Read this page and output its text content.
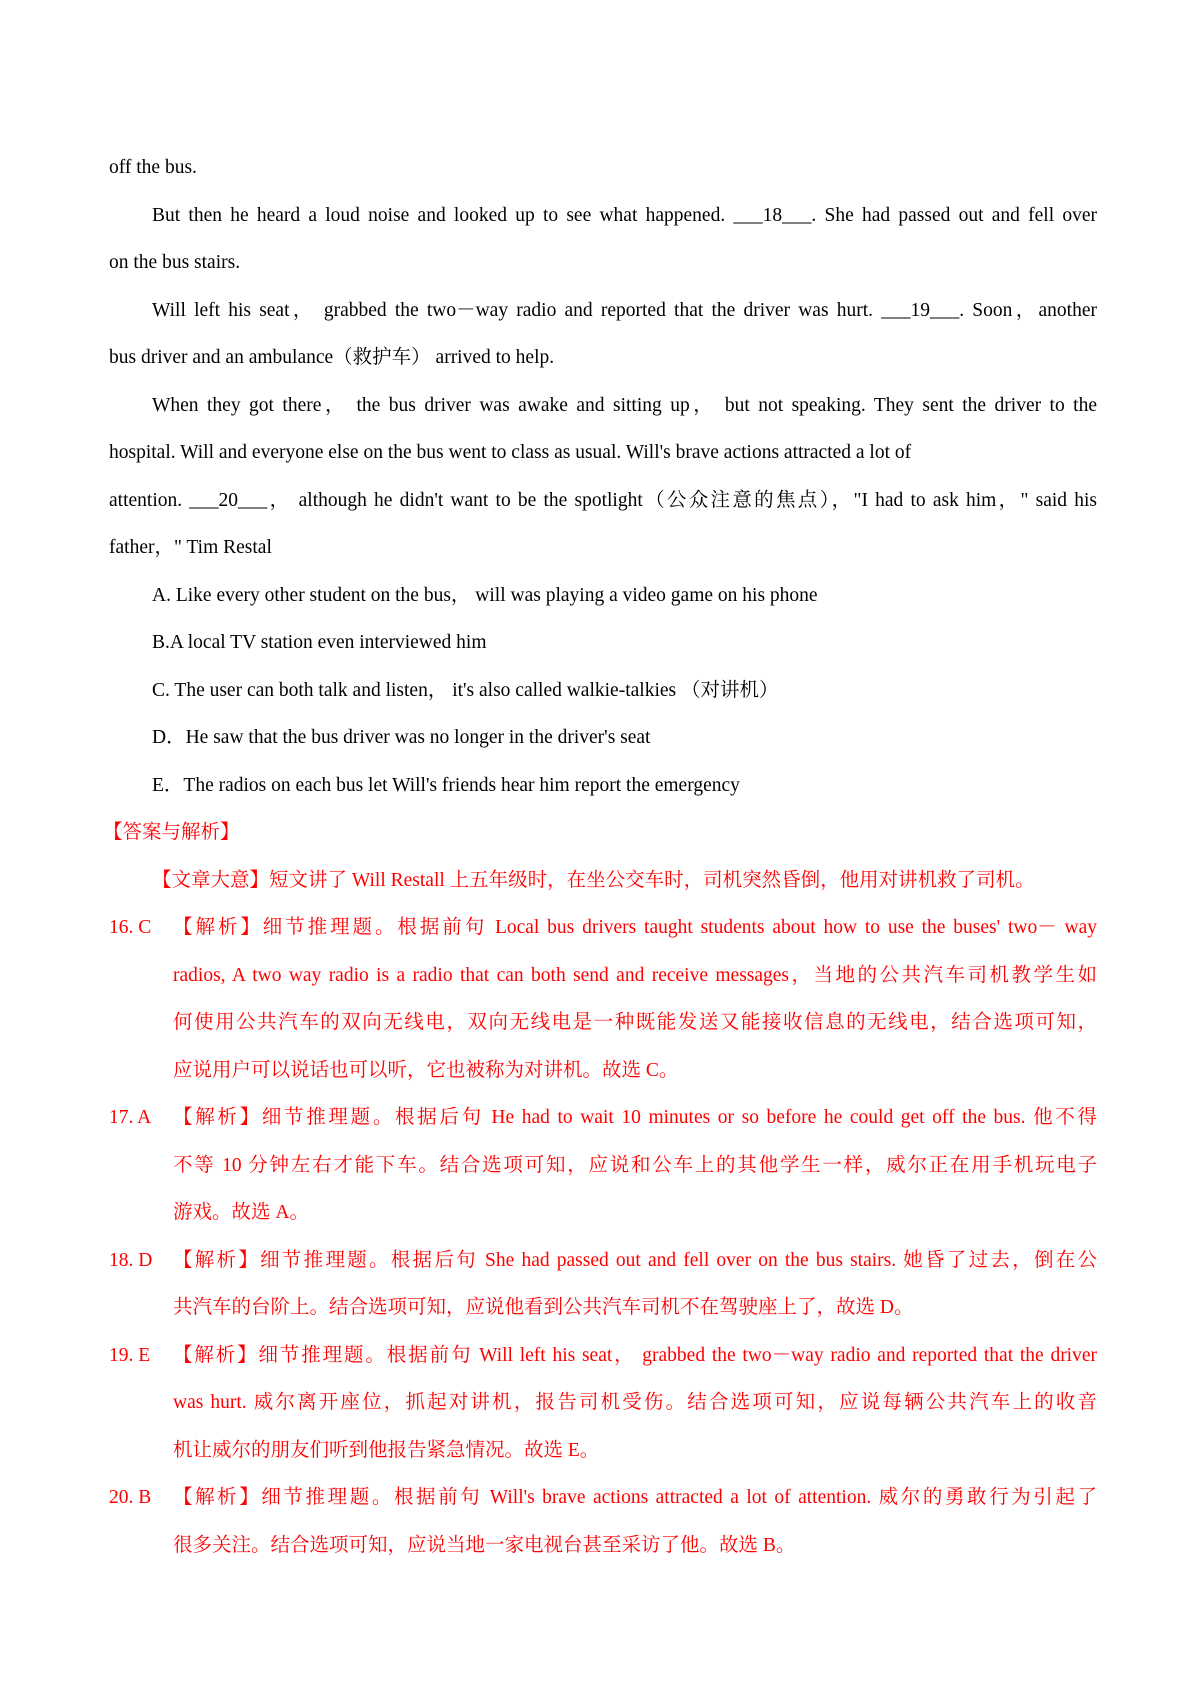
off the bus.
But then he heard a loud noise and looked up to see what happened. ___18___. She had passed out and fell over
on the bus stairs.
Will left his seat， grabbed the two－way radio and reported that the driver was hurt. ___19___. Soon，another
bus driver and an ambulance（救护车） arrived to help.
When they got there， the bus driver was awake and sitting up， but not speaking. They sent the driver to the
hospital. Will and everyone else on the bus went to class as usual. Will's brave actions attracted a lot of
attention. ___20___， although he didn't want to be the spotlight（公众注意的焦点），"I had to ask him，" said his
father，" Tim Restal
A. Like every other student on the bus， will was playing a video game on his phone
B.A local TV station even interviewed him
C. The user can both talk and listen， it's also called walkie-talkies （对讲机）
D．He saw that the bus driver was no longer in the driver's seat
E．The radios on each bus let Will's friends hear him report the emergency
【答案与解析】
【文章大意】短文讲了 Will Restall 上五年级时，在坐公交车时，司机突然昏倒，他用对讲机救了司机。
16. C	【解析】细节推理题。根据前句 Local bus drivers taught students about how to use the buses' two－ way
radios, A two way radio is a radio that can both send and receive messages，当地的公共汽车司机教学生如
何使用公共汽车的双向无线电，双向无线电是一种既能发送又能接收信息的无线电，结合选项可知，
应说用户可以说话也可以听，它也被称为对讲机。故选 C。
17. A	【解析】细节推理题。根据后句 He had to wait 10 minutes or so before he could get off the bus. 他不得
不等 10 分钟左右才能下车。结合选项可知，应说和公车上的其他学生一样，威尔正在用手机玩电子
游戏。故选 A。
18. D	【解析】细节推理题。根据后句 She had passed out and fell over on the bus stairs. 她昏了过去，倒在公
共汽车的台阶上。结合选项可知，应说他看到公共汽车司机不在驾驶座上了，故选 D。
19. E	【解析】细节推理题。根据前句 Will left his seat， grabbed the two－way radio and reported that the driver
was hurt. 威尔离开座位，抓起对讲机，报告司机受伤。结合选项可知，应说每辆公共汽车上的收音
机让威尔的朋友们听到他报告紧急情况。故选 E。
20. B	【解析】细节推理题。根据前句 Will's brave actions attracted a lot of attention. 威尔的勇敢行为引起了
很多关注。结合选项可知，应说当地一家电视台甚至采访了他。故选 B。
